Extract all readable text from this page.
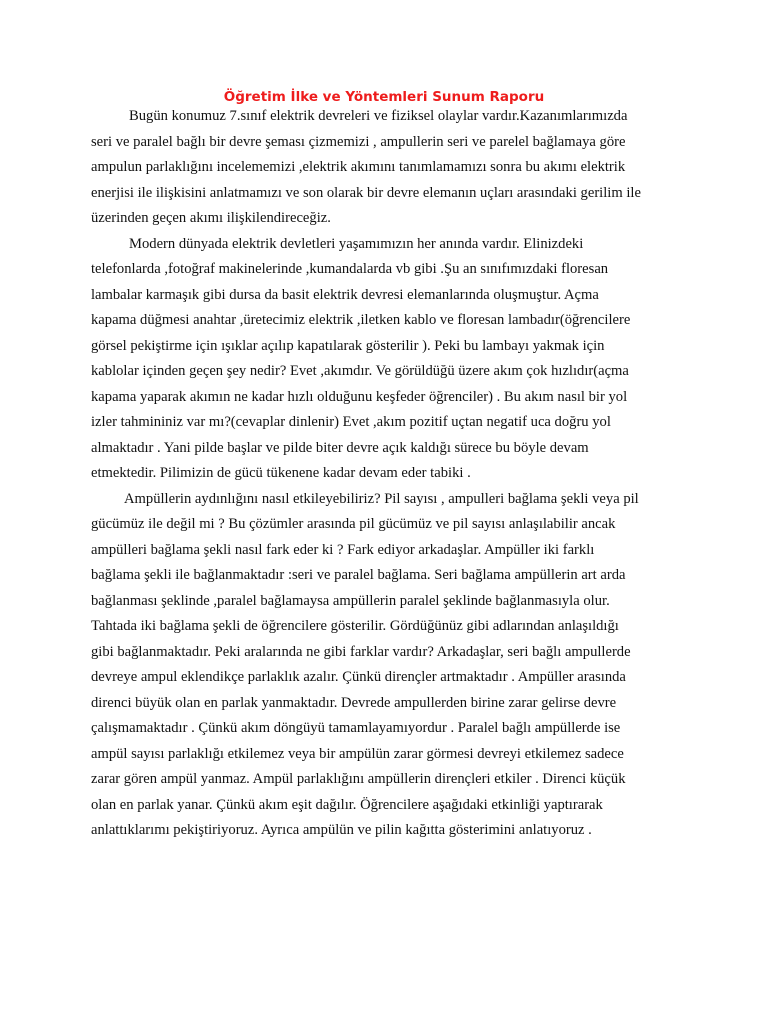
Öğretim İlke ve Yöntemleri Sunum Raporu

Bugün konumuz 7.sınıf elektrik devreleri ve fiziksel olaylar vardır.Kazanımlarımızda
seri ve paralel bağlı bir devre şeması çizmemizi , ampullerin seri ve parelel bağlamaya göre
ampulun parlaklığını incelememizi ,elektrik akımını tanımlamamızı sonra bu akımı elektrik
enerjisi ile ilişkisini anlatmamızı ve son olarak bir devre elemanın uçları arasındaki gerilim ile
üzerinden geçen akımı ilişkilendireceğiz.

Modern dünyada elektrik devletleri yaşamımızın her anında vardır. Elinizdeki
telefonlarda ,fotoğraf makinelerinde ,kumandalarda vb gibi .Şu an sınıfımızdaki floresan
lambalar karmaşık gibi dursa da basit elektrik devresi elemanlarında oluşmuştur. Açma
kapama düğmesi anahtar ,üretecimiz elektrik ,iletken kablo ve floresan lambadır(öğrencilere
görsel pekiştirme için ışıklar açılıp kapatılarak gösterilir ). Peki bu lambayı yakmak için
kablolar içinden geçen şey nedir? Evet ,akımdır. Ve görüldüğü üzere akım çok hızlıdır(açma
kapama yaparak akımın ne kadar hızlı olduğunu keşfeder öğrenciler) . Bu akım nasıl bir yol
izler tahmininiz var mı?(cevaplar dinlenir) Evet ,akım pozitif uçtan negatif uca doğru yol
almaktadır . Yani pilde başlar ve pilde biter devre açık kaldığı sürece bu böyle devam
etmektedir. Pilimizin de gücü tükenene kadar devam eder tabiki .

Ampüllerin aydınlığını nasıl etkileyebiliriz? Pil sayısı , ampulleri bağlama şekli veya pil
gücümüz ile değil mi ? Bu çözümler arasında pil gücümüz ve pil sayısı anlaşılabilir ancak
ampülleri bağlama şekli nasıl fark eder ki ? Fark ediyor arkadaşlar. Ampüller iki farklı
bağlama şekli ile bağlanmaktadır :seri ve paralel bağlama. Seri bağlama ampüllerin art arda
bağlanması şeklinde ,paralel bağlamaysa ampüllerin paralel şeklinde bağlanmasıyla olur.
Tahtada iki bağlama şekli de öğrencilere gösterilir. Gördüğünüz gibi adlarından anlaşıldığı
gibi bağlanmaktadır. Peki aralarında ne gibi farklar vardır? Arkadaşlar, seri bağlı ampullerde
devreye ampul eklendikçe parlaklık azalır. Çünkü dirençler artmaktadır . Ampüller arasında
direnci büyük olan en parlak yanmaktadır. Devrede ampullerden birine zarar gelirse devre
çalışmamaktadır . Çünkü akım döngüyü tamamlayamıyordur . Paralel bağlı ampüllerde ise
ampül sayısı parlaklığı etkilemez veya bir ampülün zarar görmesi devreyi etkilemez sadece
zarar gören ampül yanmaz. Ampül parlaklığını ampüllerin dirençleri etkiler . Direnci küçük
olan en parlak yanar. Çünkü akım eşit dağılır. Öğrencilere aşağıdaki etkinliği yaptırarak
anlattıklarımı pekiştiriyoruz. Ayrıca ampülün ve pilin kağıtta gösterimini anlatıyoruz .
